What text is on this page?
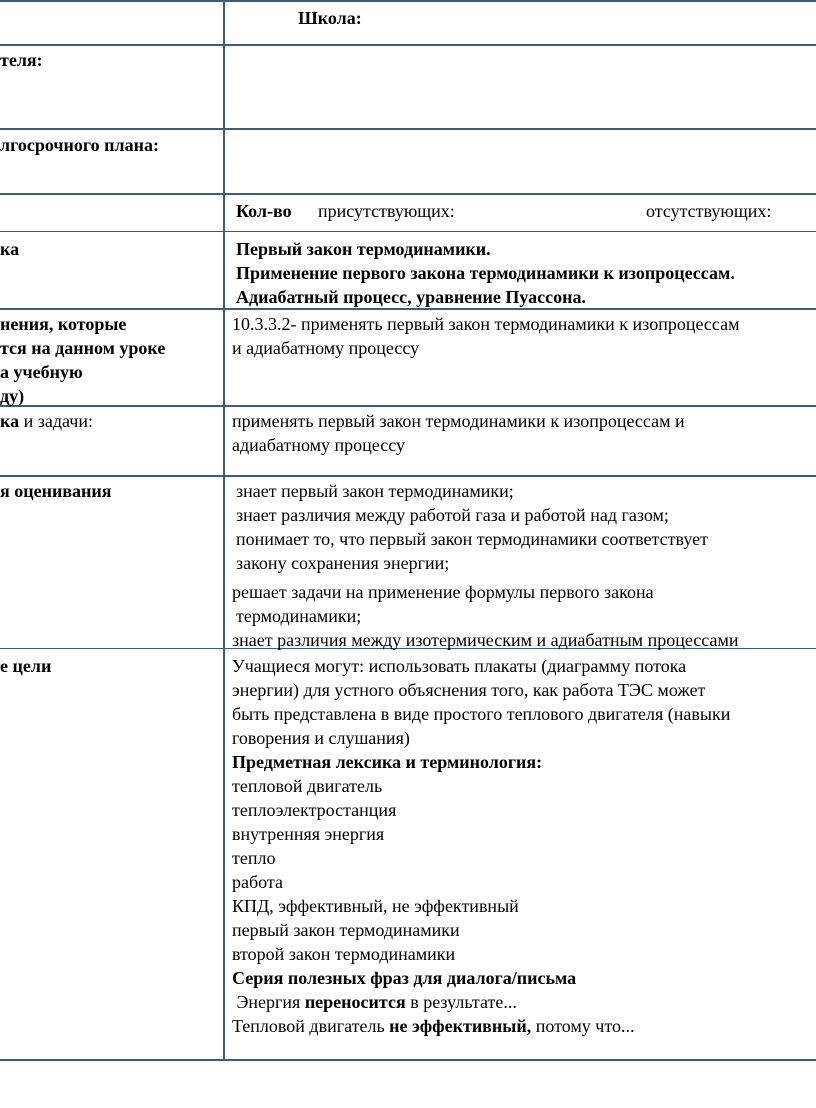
Школа:
теля:
лгосрочного плана:
ка
нения, которые
тся на данном уроке
а учебную
ду)
ка и задачи:
я оценивания
е цели
Кол-во присутствующих:	отсутствующих:
Первый закон термодинамики.
Применение первого закона термодинамики к изопроцессам.
Адиабатный процесс, уравнение Пуассона.
10.3.3.2- применять первый закон термодинамики к изопроцессам
и адиабатному процессу
применять первый закон термодинамики к изопроцессам и
адиабатному процессу
знает первый закон термодинамики;
знает различия между работой газа и работой над газом;
понимает то, что первый закон термодинамики соответствует
закону сохранения энергии;
решает задачи на применение формулы первого закона
термодинамики;
знает различия между изотермическим и адиабатным процессами
Учащиеся могут: использовать плакаты (диаграмму потока
энергии) для устного объяснения того, как работа ТЭС может
быть представлена в виде простого теплового двигателя (навыки
говорения и слушания)
Предметная лексика и терминология:
тепловой двигатель
теплоэлектростанция
внутренняя энергия
тепло
работа
КПД, эффективный, не эффективный
первый закон термодинамики
второй закон термодинамики
Серия полезных фраз для диалога/письма
Энергия переносится в результате...
Тепловой двигатель не эффективный, потому что...
